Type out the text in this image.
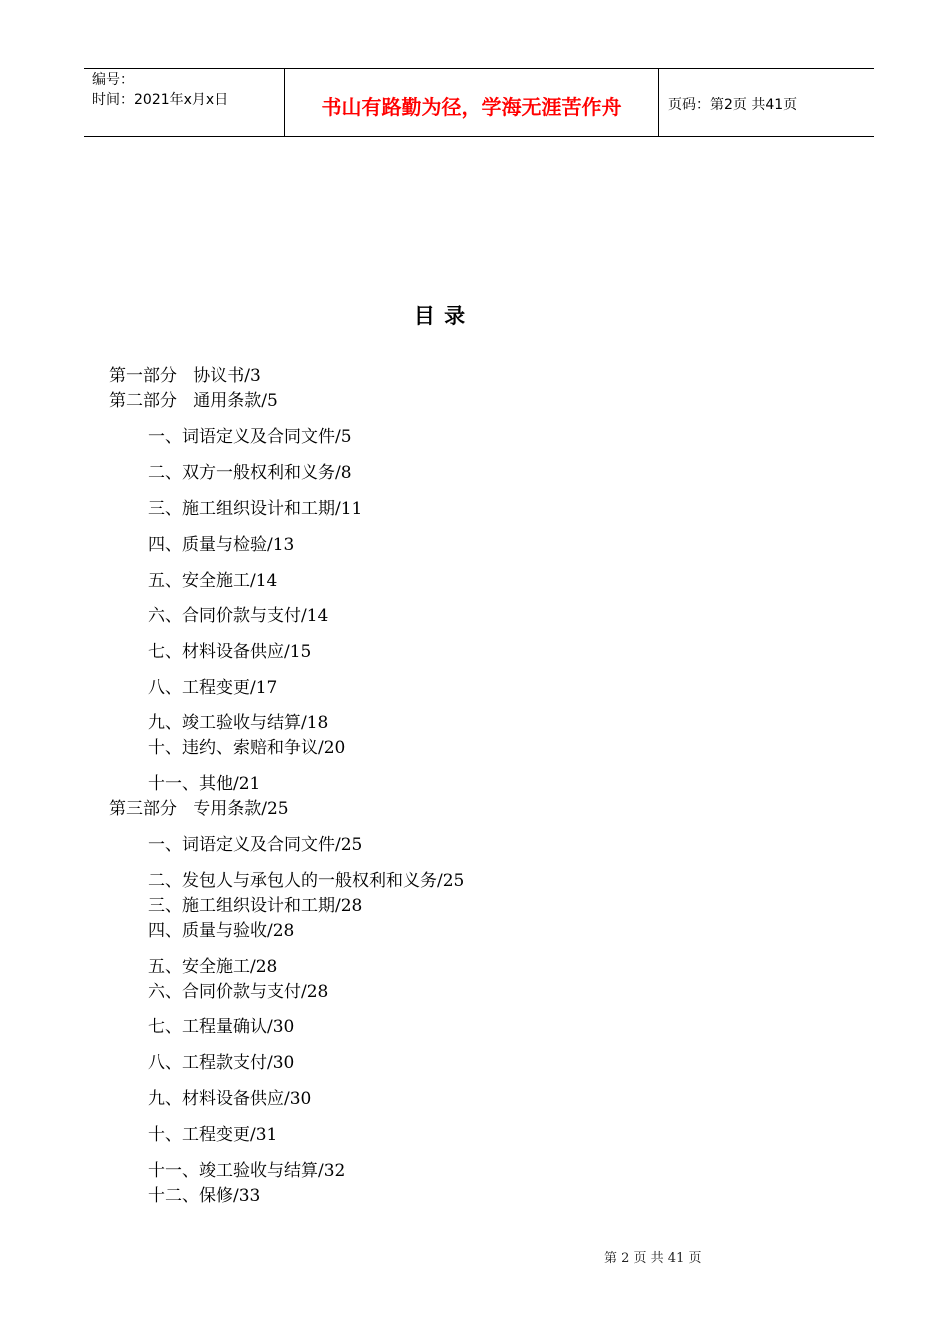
编号：
时间：2021年x月x日	书山有路勤为径，学海无涯苦作舟	页码：第2页 共41页
目 录
第一部分   协议书/3
第二部分   通用条款/5
一、词语定义及合同文件/5
二、双方一般权利和义务/8
三、施工组织设计和工期/11
四、质量与检验/13
五、安全施工/14
六、合同价款与支付/14
七、材料设备供应/15
八、工程变更/17
九、竣工验收与结算/18
十、违约、索赔和争议/20
十一、其他/21
第三部分   专用条款/25
一、词语定义及合同文件/25
二、发包人与承包人的一般权利和义务/25
三、施工组织设计和工期/28
四、质量与验收/28
五、安全施工/28
六、合同价款与支付/28
七、工程量确认/30
八、工程款支付/30
九、材料设备供应/30
十、工程变更/31
十一、竣工验收与结算/32
十二、保修/33
第 2 页 共 41 页
